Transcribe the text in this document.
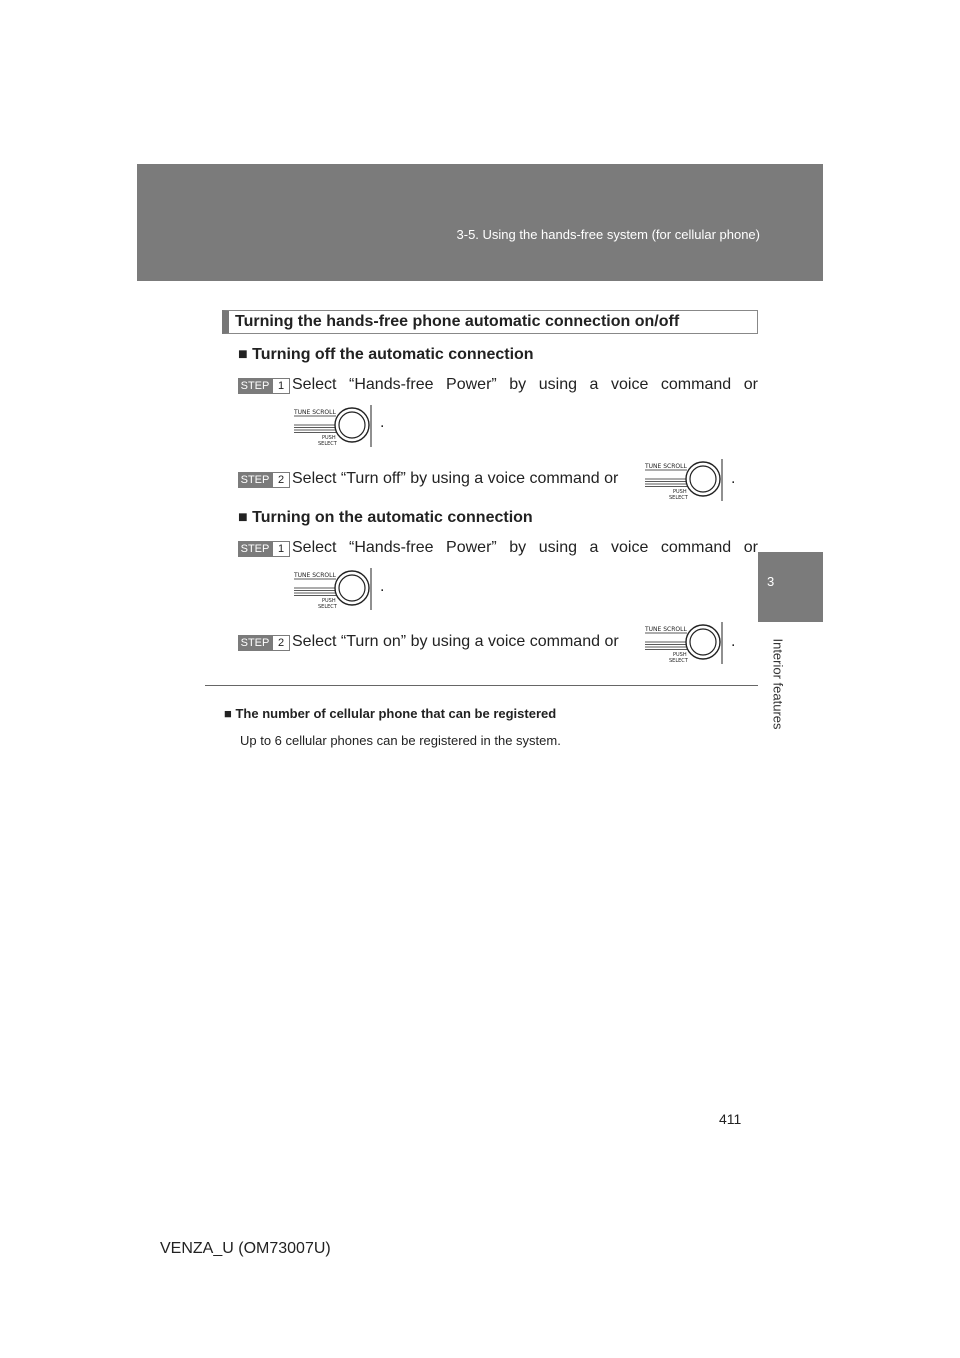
3-5. Using the hands-free system (for cellular phone)
3
Interior features
Turning the hands-free phone automatic connection on/off
■ Turning off the automatic connection
STEP 1 Select “Hands-free Power” by using a voice command or
TUNE SCROLL
PUSH
SELECT
.
STEP 2 Select “Turn off” by using a voice command or
TUNE SCROLL
PUSH
SELECT
.
■ Turning on the automatic connection
STEP 1 Select “Hands-free Power” by using a voice command or
TUNE SCROLL
PUSH
SELECT
.
STEP 2 Select “Turn on” by using a voice command or
TUNE SCROLL
PUSH
SELECT
.
■ The number of cellular phone that can be registered
Up to 6 cellular phones can be registered in the system.
411
VENZA_U (OM73007U)
